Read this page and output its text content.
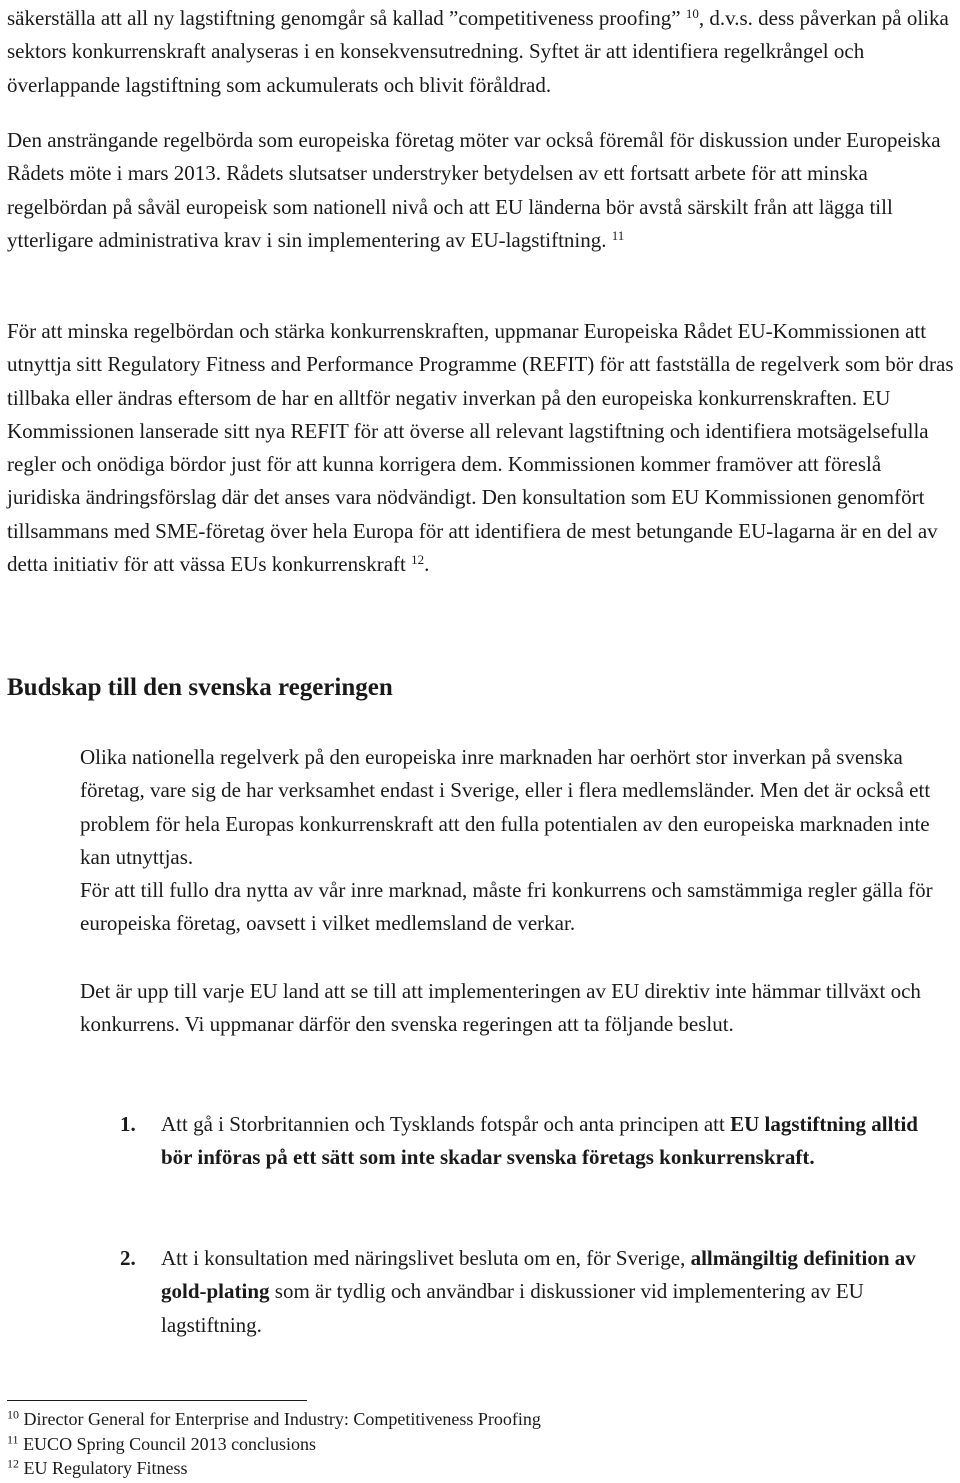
säkerställa att all ny lagstiftning genomgår så kallad ”competitiveness proofing” $^{10}$, d.v.s. dess påverkan på olika sektors konkurrenskraft analyseras i en konsekvensutredning. Syftet är att identifiera regelkrångel och överlappande lagstiftning som ackumulerats och blivit föråldrad.

Den ansträngande regelbörda som europeiska företag möter var också föremål för diskussion under Europeiska Rådets möte i mars 2013. Rådets slutsatser understryker betydelsen av ett fortsatt arbete för att minska regelbördan på såväl europeisk som nationell nivå och att EU länderna bör avstå särskilt från att lägga till ytterligare administrativa krav i sin implementering av EU-lagstiftning. $^{11}$

För att minska regelbördan och stärka konkurrenskraften, uppmanar Europeiska Rådet EU-Kommissionen att utnyttja sitt Regulatory Fitness and Performance Programme (REFIT) för att fastställa de regelverk som bör dras tillbaka eller ändras eftersom de har en alltför negativ inverkan på den europeiska konkurrenskraften. EU Kommissionen lanserade sitt nya REFIT för att överse all relevant lagstiftning och identifiera motsägelsefulla regler och onödiga bördor just för att kunna korrigera dem. Kommissionen kommer framöver att föreslå juridiska ändringsförslag där det anses vara nödvändigt. Den konsultation som EU Kommissionen genomfört tillsammans med SME-företag över hela Europa för att identifiera de mest betungande EU-lagarna är en del av detta initiativ för att vässa EUs konkurrenskraft $^{12}$.

Budskap till den svenska regeringen

Olika nationella regelverk på den europeiska inre marknaden har oerhört stor inverkan på svenska företag, vare sig de har verksamhet endast i Sverige, eller i flera medlemsländer. Men det är också ett problem för hela Europas konkurrenskraft att den fulla potentialen av den europeiska marknaden inte kan utnyttjas.
För att till fullo dra nytta av vår inre marknad, måste fri konkurrens och samstämmiga regler gälla för europeiska företag, oavsett i vilket medlemsland de verkar.

Det är upp till varje EU land att se till att implementeringen av EU direktiv inte hämmar tillväxt och konkurrens. Vi uppmanar därför den svenska regeringen att ta följande beslut.

1. Att gå i Storbritannien och Tysklands fotspår och anta principen att EU lagstiftning alltid bör införas på ett sätt som inte skadar svenska företags konkurrenskraft.
2. Att i konsultation med näringslivet besluta om en, för Sverige, allmängiltig definition av gold-plating som är tydlig och användbar i diskussioner vid implementering av EU lagstiftning.
$^{10}$ Director General for Enterprise and Industry: Competitiveness Proofing
$^{11}$ EUCO Spring Council 2013 conclusions
$^{12}$ EU Regulatory Fitness
